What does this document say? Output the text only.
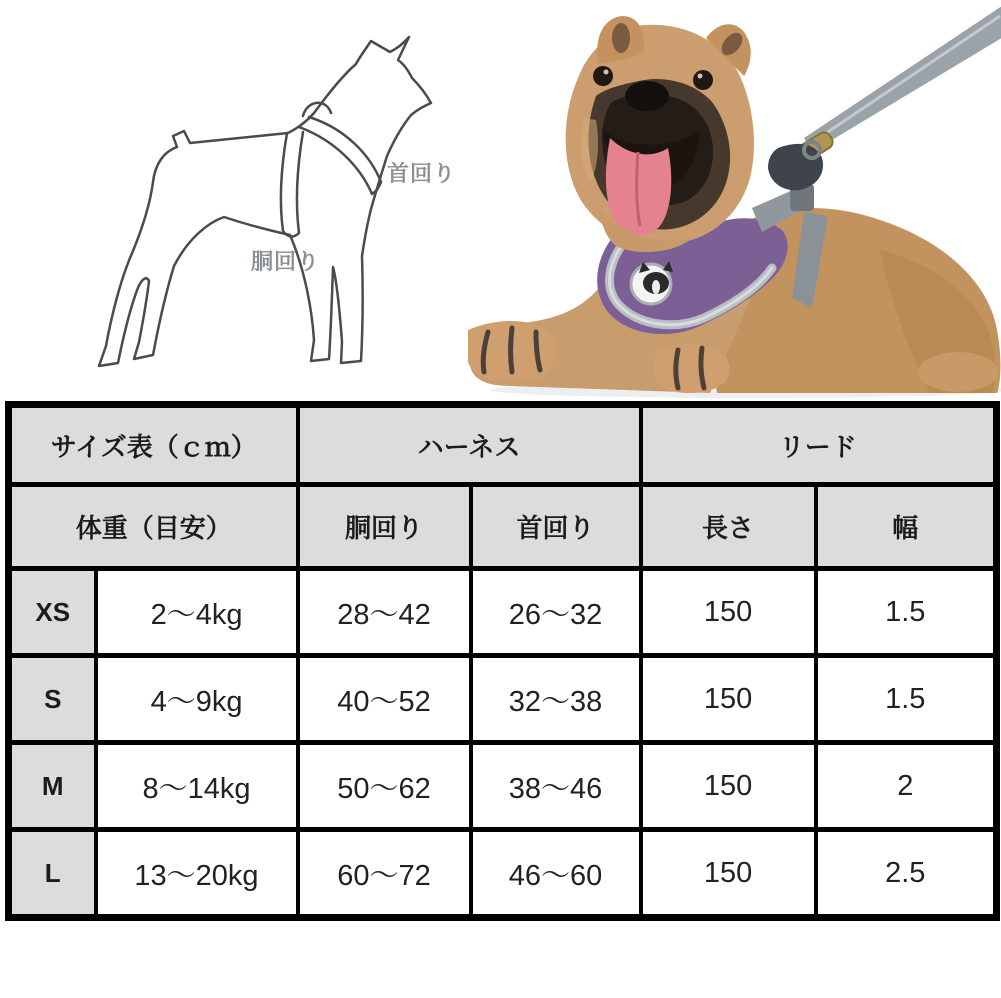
首回り
胴回り
サイズ表（ｃｍ）		ハーネス		リード	
体重（目安）		胴回り	首回り	長さ	幅
XS	2～4kg	28～42	26～32	150	1.5
S	4～9kg	40～52	32～38	150	1.5
M	8～14kg	50～62	38～46	150	2
L	13～20kg	60～72	46～60	150	2.5
